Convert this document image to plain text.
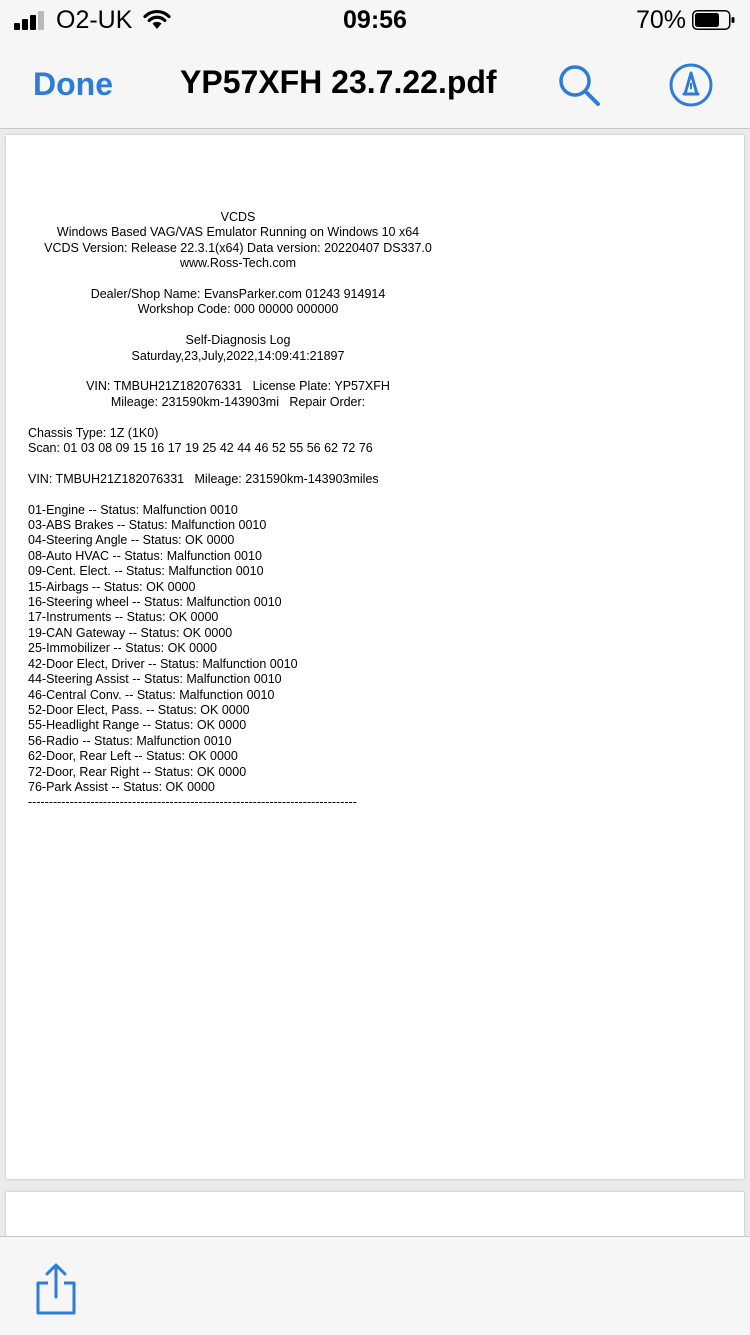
O2-UK	09:56	70%
Done YP57XFH 23.7.22.pdf
VCDS
Windows Based VAG/VAS Emulator Running on Windows 10 x64
VCDS Version: Release 22.3.1(x64) Data version: 20220407 DS337.0
www.Ross-Tech.com
Dealer/Shop Name: EvansParker.com 01243 914914
Workshop Code: 000 00000 000000
Self-Diagnosis Log
Saturday,23,July,2022,14:09:41:21897
VIN: TMBUH21Z182076331   License Plate: YP57XFH
Mileage: 231590km-143903mi   Repair Order:
Chassis Type: 1Z (1K0)
Scan: 01 03 08 09 15 16 17 19 25 42 44 46 52 55 56 62 72 76
VIN: TMBUH21Z182076331   Mileage: 231590km-143903miles
01-Engine -- Status: Malfunction 0010
03-ABS Brakes -- Status: Malfunction 0010
04-Steering Angle -- Status: OK 0000
08-Auto HVAC -- Status: Malfunction 0010
09-Cent. Elect. -- Status: Malfunction 0010
15-Airbags -- Status: OK 0000
16-Steering wheel -- Status: Malfunction 0010
17-Instruments -- Status: OK 0000
19-CAN Gateway -- Status: OK 0000
25-Immobilizer -- Status: OK 0000
42-Door Elect, Driver -- Status: Malfunction 0010
44-Steering Assist -- Status: Malfunction 0010
46-Central Conv. -- Status: Malfunction 0010
52-Door Elect, Pass. -- Status: OK 0000
55-Headlight Range -- Status: OK 0000
56-Radio -- Status: Malfunction 0010
62-Door, Rear Left -- Status: OK 0000
72-Door, Rear Right -- Status: OK 0000
76-Park Assist -- Status: OK 0000
-------------------------------------------------------------------------------
